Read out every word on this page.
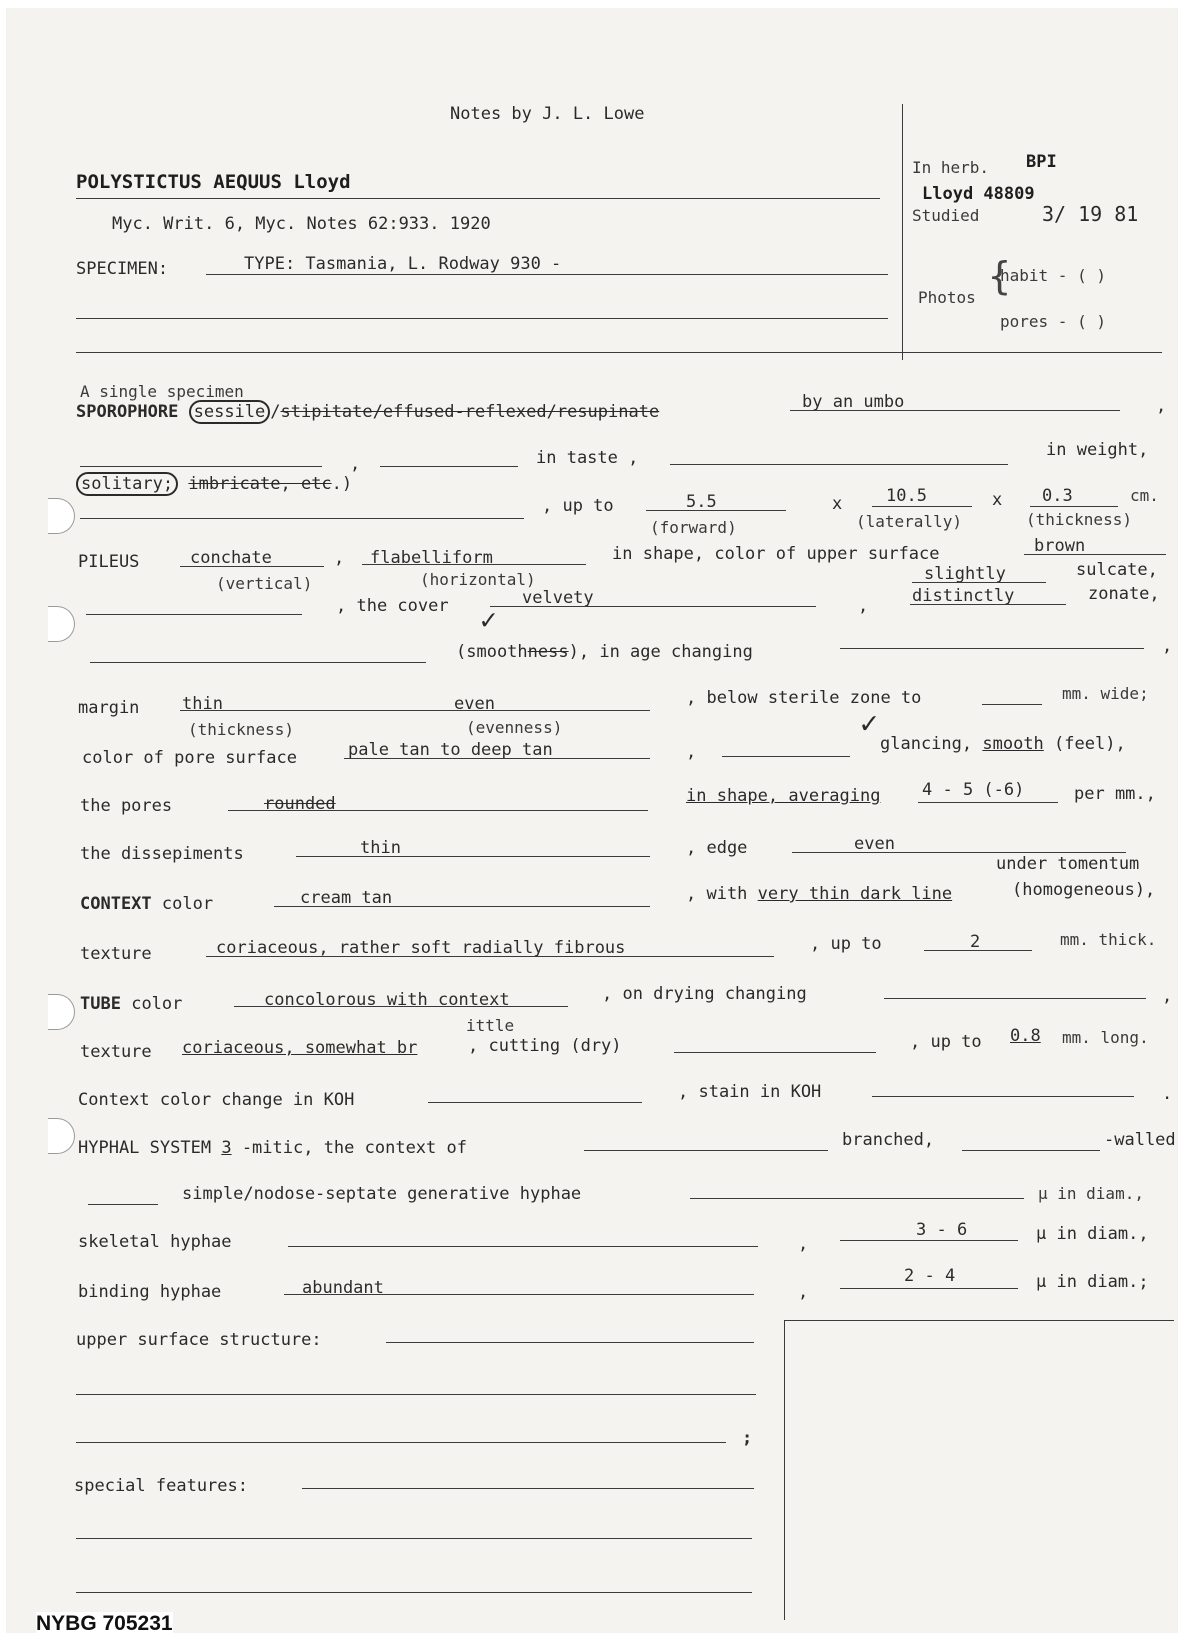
Notes by J. L. Lowe
POLYSTICTUS AEQUUS Lloyd
Myc. Writ. 6, Myc. Notes 62:933. 1920
SPECIMEN:	TYPE: Tasmania, L. Rodway 930 -
In herb. BPI
Lloyd 48809
Studied	3/ 19 81
Photos {
habit - ( )
pores - ( )
A single specimen
SPOROPHORE sessile /stipitate/effused-reflexed/resupinate	by an umbo	,
,	in taste ,	in weight,
solitary; imbricate, etc.)
, up to	5.5
(forward)
x	10.5
(laterally)
x 0.3	cm.
(thickness)
PILEUS	conchate
(vertical)
, flabelliform
(horizontal)
in shape, color of upper surface	brown
slightly	sulcate,
distinctly	zonate,
, the cover	velvety	,
✓
(smoothness), in age changing	,
margin	thin	even
(thickness)	(evenness)
, below sterile zone to	mm. wide;
color of pore surface	pale tan to deep tan	,
✓
glancing, smooth (feel),
the pores	rounded	in shape, averaging 4 - 5 (-6)	per mm.,
the dissepiments	thin	, edge	even
CONTEXT color	cream tan	, with very thin dark line
under tomentum
(homogeneous),
texture	coriaceous, rather soft radially fibrous	, up to	2	mm. thick.
TUBE color	concolorous with context	, on drying changing	,
texture coriaceous, somewhat br
ittle
, cutting (dry)	, up to 0.8 mm. long.
Context color change in KOH	, stain in KOH	.
HYPHAL SYSTEM 3 -mitic, the context of	branched,	-walled
simple/nodose-septate generative hyphae	μ in diam.,
skeletal hyphae	,
3 - 6	μ in diam.,
binding hyphae	abundant	,
2 - 4	μ in diam.;
upper surface structure:
;
special features:
NYBG 705231
